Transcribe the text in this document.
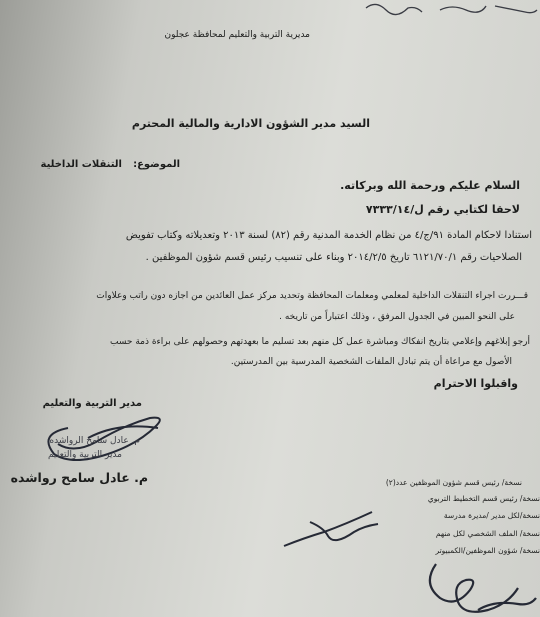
مديرية التربية والتعليم لمحافظة عجلون
السيد مدير الشؤون الادارية والمالية المحترم
الموضوع:
التنقلات الداخلية
السلام عليكم ورحمة الله وبركاته.
لاحقا لكتابي رقم ل/٧٣٣٣/١٤
استنادا لاحكام المادة ٩١/ج/٤ من نظام الخدمة المدنية رقم (٨٢) لسنة ٢٠١٣ وتعديلاته وكتاب تفويض
الصلاحيات رقم ٦١٢١/٧٠/١ تاريخ ٢٠١٤/٢/٥ وبناء على تنسيب رئيس قسم شؤون الموظفين .
قـــررت اجراء التنقلات الداخلية لمعلمي ومعلمات المحافظة وتحديد مركز عمل العائدين من اجازه دون راتب وعلاوات
على النحو المبين في الجدول المرفق ، وذلك اعتباراً من تاريخه .
أرجو إبلاغهم وإعلامي بتاريخ انفكاك ومباشرة عمل كل منهم بعد تسليم ما بعهدتهم وحصولهم على براءة ذمة حسب
الأصول مع مراعاة أن يتم تبادل الملفات الشخصية المدرسية بين المدرستين.
واقبلوا الاحترام
مدير التربية والتعليم
م. عادل سامح الرواشده
مدير التربية والتعليم
م. عادل سامح رواشده	نسخة/ رئيس قسم شؤون الموظفين عدد(٢)
نسخة/ رئيس قسم التخطيط التربوي
نسخة/لكل مدير /مديرة مدرسة
نسخة/ الملف الشخصي لكل منهم
نسخة/ شؤون الموظفين/الكمبيوتر
